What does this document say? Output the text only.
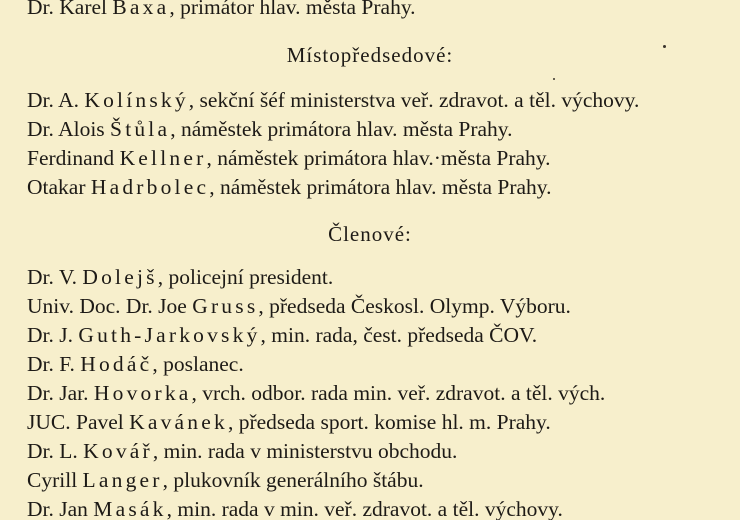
Dr. Karel Baxa, primátor hlav. města Prahy.
Místopředsedové:
Dr. A. Kolínský, sekční šéf ministerstva veř. zdravot. a těl. výchovy.
Dr. Alois Štůla, náměstek primátora hlav. města Prahy.
Ferdinand Kellner, náměstek primátora hlav.·města Prahy.
Otakar Hadrbolec, náměstek primátora hlav. města Prahy.
Členové:
Dr. V. Dolejš, policejní president.
Univ. Doc. Dr. Joe Gruss, předseda Českosl. Olymp. Výboru.
Dr. J. Guth-Jarkovský, min. rada, čest. předseda ČOV.
Dr. F. Hodáč, poslanec.
Dr. Jar. Hovorka, vrch. odbor. rada min. veř. zdravot. a těl. vých.
JUC. Pavel Kavánek, předseda sport. komise hl. m. Prahy.
Dr. L. Kovář, min. rada v ministerstvu obchodu.
Cyrill Langer, plukovník generálního štábu.
Dr. Jan Masák, min. rada v min. veř. zdravot. a těl. výchovy.
